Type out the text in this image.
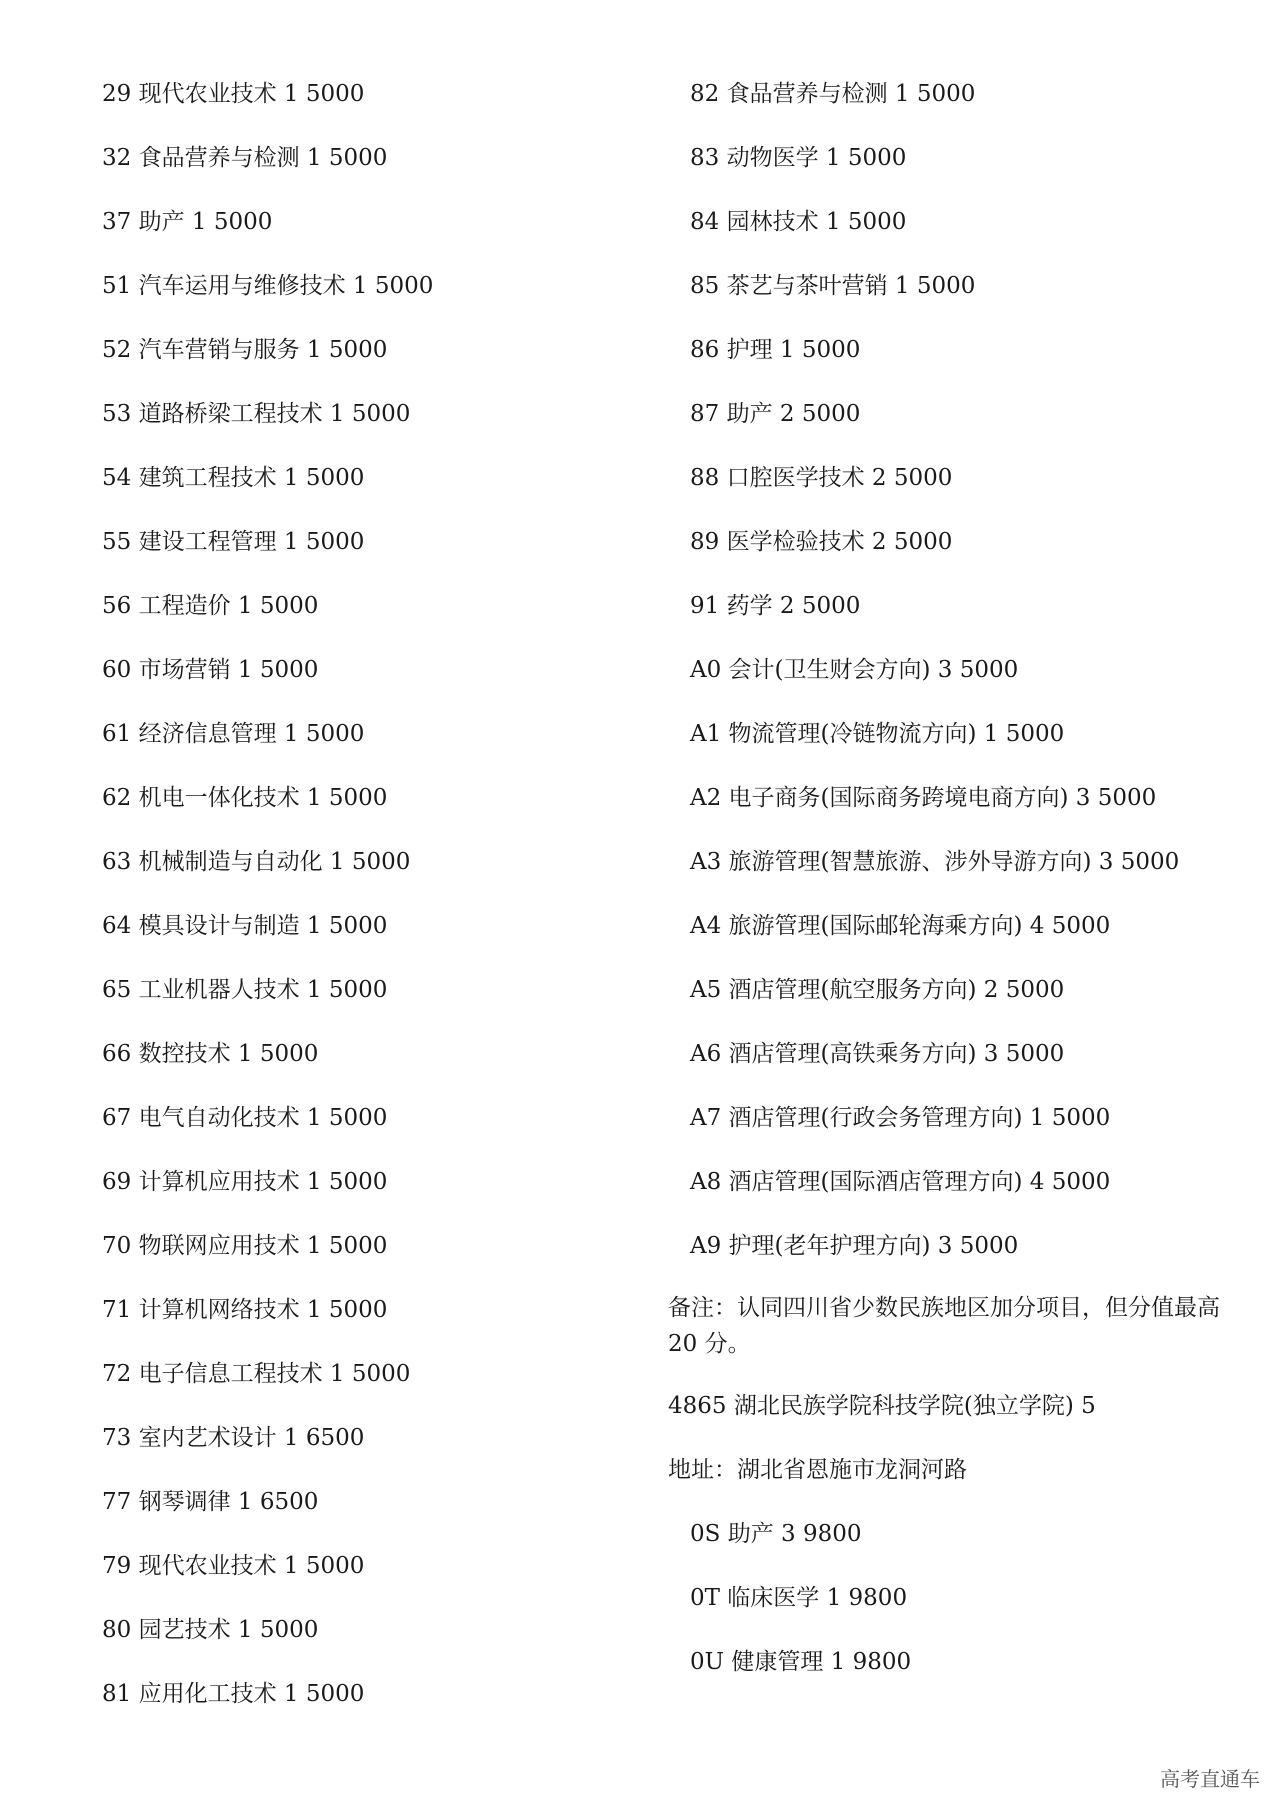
29 现代农业技术 1 5000
32 食品营养与检测 1 5000
37 助产 1 5000
51 汽车运用与维修技术 1 5000
52 汽车营销与服务 1 5000
53 道路桥梁工程技术 1 5000
54 建筑工程技术 1 5000
55 建设工程管理 1 5000
56 工程造价 1 5000
60 市场营销 1 5000
61 经济信息管理 1 5000
62 机电一体化技术 1 5000
63 机械制造与自动化 1 5000
64 模具设计与制造 1 5000
65 工业机器人技术 1 5000
66 数控技术 1 5000
67 电气自动化技术 1 5000
69 计算机应用技术 1 5000
70 物联网应用技术 1 5000
71 计算机网络技术 1 5000
72 电子信息工程技术 1 5000
73 室内艺术设计 1 6500
77 钢琴调律 1 6500
79 现代农业技术 1 5000
80 园艺技术 1 5000
81 应用化工技术 1 5000
82 食品营养与检测 1 5000
83 动物医学 1 5000
84 园林技术 1 5000
85 茶艺与茶叶营销 1 5000
86 护理 1 5000
87 助产 2 5000
88 口腔医学技术 2 5000
89 医学检验技术 2 5000
91 药学 2 5000
A0 会计(卫生财会方向) 3 5000
A1 物流管理(冷链物流方向) 1 5000
A2 电子商务(国际商务跨境电商方向) 3 5000
A3 旅游管理(智慧旅游、涉外导游方向) 3 5000
A4 旅游管理(国际邮轮海乘方向) 4 5000
A5 酒店管理(航空服务方向) 2 5000
A6 酒店管理(高铁乘务方向) 3 5000
A7 酒店管理(行政会务管理方向) 1 5000
A8 酒店管理(国际酒店管理方向) 4 5000
A9 护理(老年护理方向) 3 5000
备注：认同四川省少数民族地区加分项目，但分值最高 20 分。
4865 湖北民族学院科技学院(独立学院) 5
地址：湖北省恩施市龙洞河路
0S 助产 3 9800
0T 临床医学 1 9800
0U 健康管理 1 9800
高考直通车
